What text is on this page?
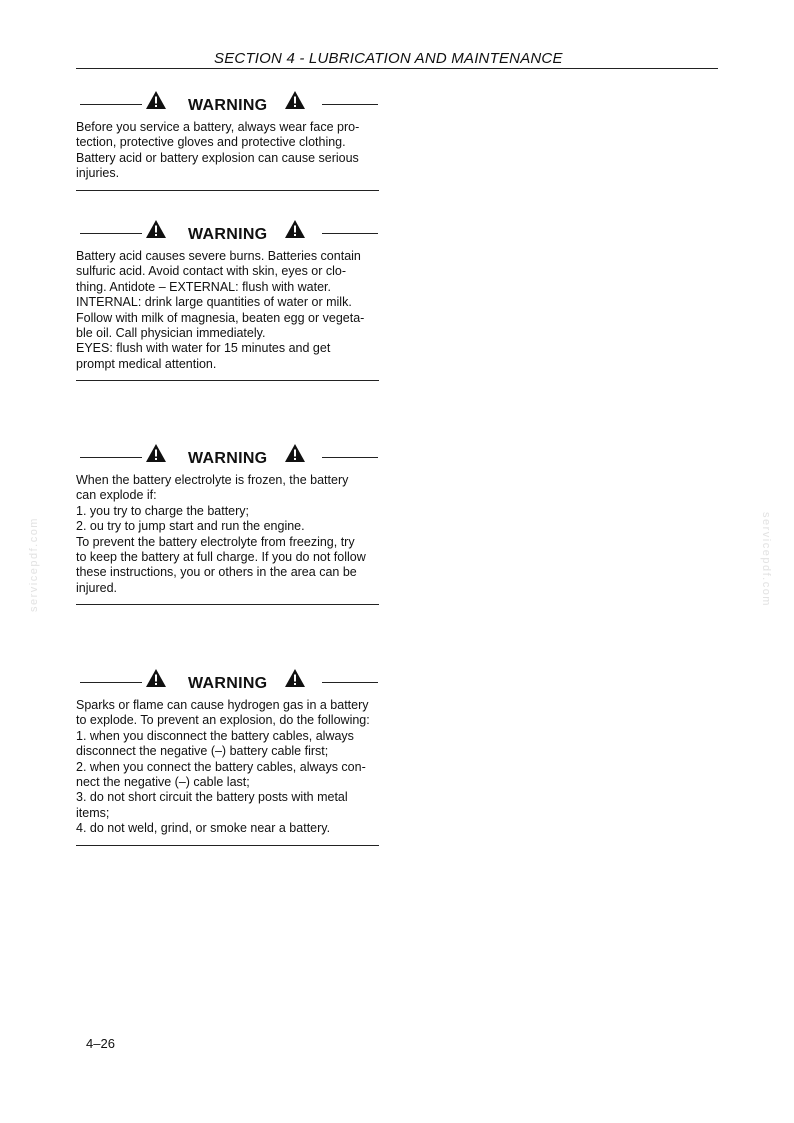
SECTION 4 - LUBRICATION AND MAINTENANCE
servicepdf.com	servicepdf.com
WARNING

Before you service a battery, always wear face pro-

tection, protective gloves and protective clothing.

Battery acid or battery explosion can cause serious

injuries.

WARNING

Battery acid causes severe burns. Batteries contain

sulfuric acid. Avoid contact with skin, eyes or clo-

thing. Antidote – EXTERNAL: flush with water.

INTERNAL: drink large quantities of water or milk.

Follow with milk of magnesia, beaten egg or vegeta-

ble oil. Call physician immediately.

EYES: flush with water for 15 minutes and get

prompt medical attention.

WARNING

When the battery electrolyte is frozen, the battery

can explode if:

1. you try to charge the battery;

2. ou try to jump start and run the engine.

To prevent the battery electrolyte from freezing, try

to keep the battery at full charge. If you do not follow

these instructions, you or others in the area can be

injured.

WARNING

Sparks or flame can cause hydrogen gas in a battery

to explode. To prevent an explosion, do the following:

1. when you disconnect the battery cables, always

disconnect the negative (–) battery cable first;

2. when you connect the battery cables, always con-

nect the negative (–) cable last;

3. do not short circuit the battery posts with metal

items;

4. do not weld, grind, or smoke near a battery.

4–26
